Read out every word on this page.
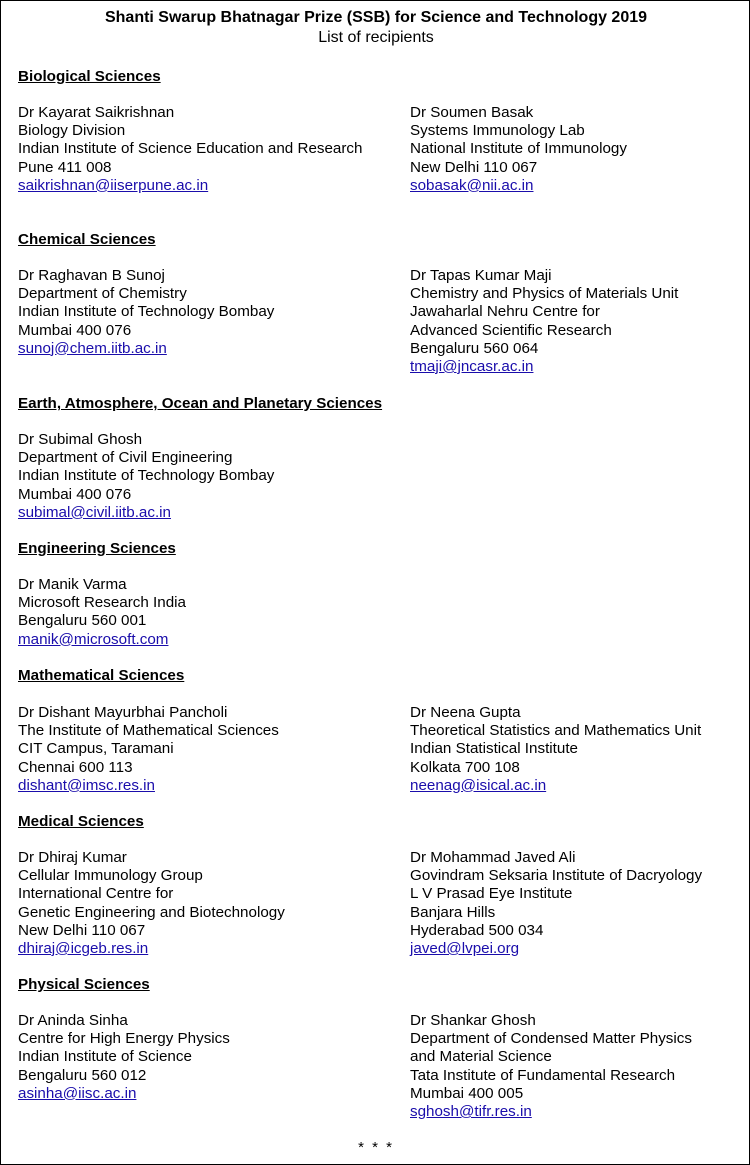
Shanti Swarup Bhatnagar Prize (SSB) for Science and Technology 2019
List of recipients
Biological Sciences
Dr Kayarat Saikrishnan
Biology Division
Indian Institute of Science Education and Research
Pune 411 008
saikrishnan@iiserpune.ac.in
Dr Soumen Basak
Systems Immunology Lab
National Institute of Immunology
New Delhi 110 067
sobasak@nii.ac.in
Chemical Sciences
Dr Raghavan B Sunoj
Department of Chemistry
Indian Institute of Technology Bombay
Mumbai 400 076
sunoj@chem.iitb.ac.in
Dr Tapas Kumar Maji
Chemistry and Physics of Materials Unit
Jawaharlal Nehru Centre for
Advanced Scientific Research
Bengaluru 560 064
tmaji@jncasr.ac.in
Earth, Atmosphere, Ocean and Planetary Sciences
Dr Subimal Ghosh
Department of Civil Engineering
Indian Institute of Technology Bombay
Mumbai 400 076
subimal@civil.iitb.ac.in
Engineering Sciences
Dr Manik Varma
Microsoft Research India
Bengaluru 560 001
manik@microsoft.com
Mathematical Sciences
Dr Dishant Mayurbhai Pancholi
The Institute of Mathematical Sciences
CIT Campus, Taramani
Chennai 600 113
dishant@imsc.res.in
Dr Neena Gupta
Theoretical Statistics and Mathematics Unit
Indian Statistical Institute
Kolkata 700 108
neenag@isical.ac.in
Medical Sciences
Dr Dhiraj Kumar
Cellular Immunology Group
International Centre for
Genetic Engineering and Biotechnology
New Delhi 110 067
dhiraj@icgeb.res.in
Dr Mohammad Javed Ali
Govindram Seksaria Institute of Dacryology
L V Prasad Eye Institute
Banjara Hills
Hyderabad 500 034
javed@lvpei.org
Physical Sciences
Dr Aninda Sinha
Centre for High Energy Physics
Indian Institute of Science
Bengaluru 560 012
asinha@iisc.ac.in
Dr Shankar Ghosh
Department of Condensed Matter Physics
and Material Science
Tata Institute of Fundamental Research
Mumbai 400 005
sghosh@tifr.res.in
* * *
